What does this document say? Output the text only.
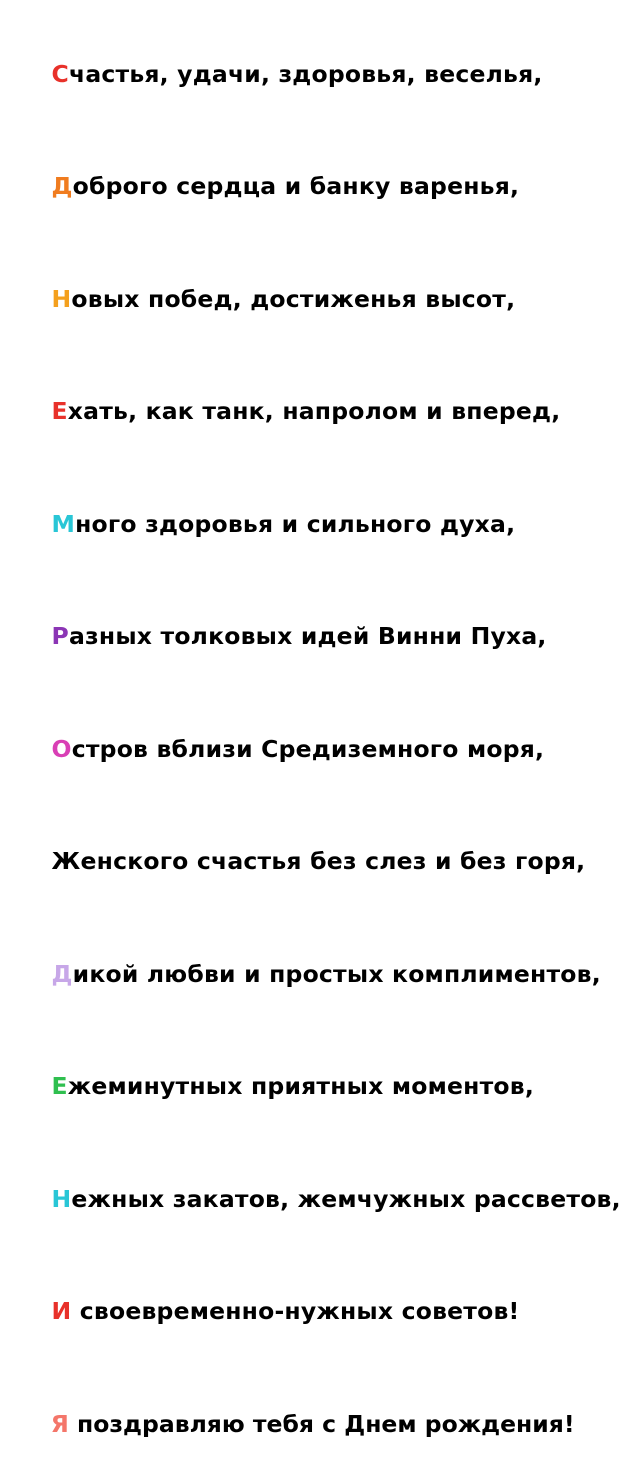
Счастья, удачи, здоровья, веселья,

Доброго сердца и банку варенья,

Новых побед, достиженья высот,

Ехать, как танк, напролом и вперед,

Много здоровья и сильного духа,

Разных толковых идей Винни Пуха,

Остров вблизи Средиземного моря,

Женского счастья без слез и без горя,

Дикой любви и простых комплиментов,

Ежеминутных приятных моментов,

Нежных закатов, жемчужных рассветов,

И своевременно-нужных советов!

Я поздравляю тебя с Днем рождения!
